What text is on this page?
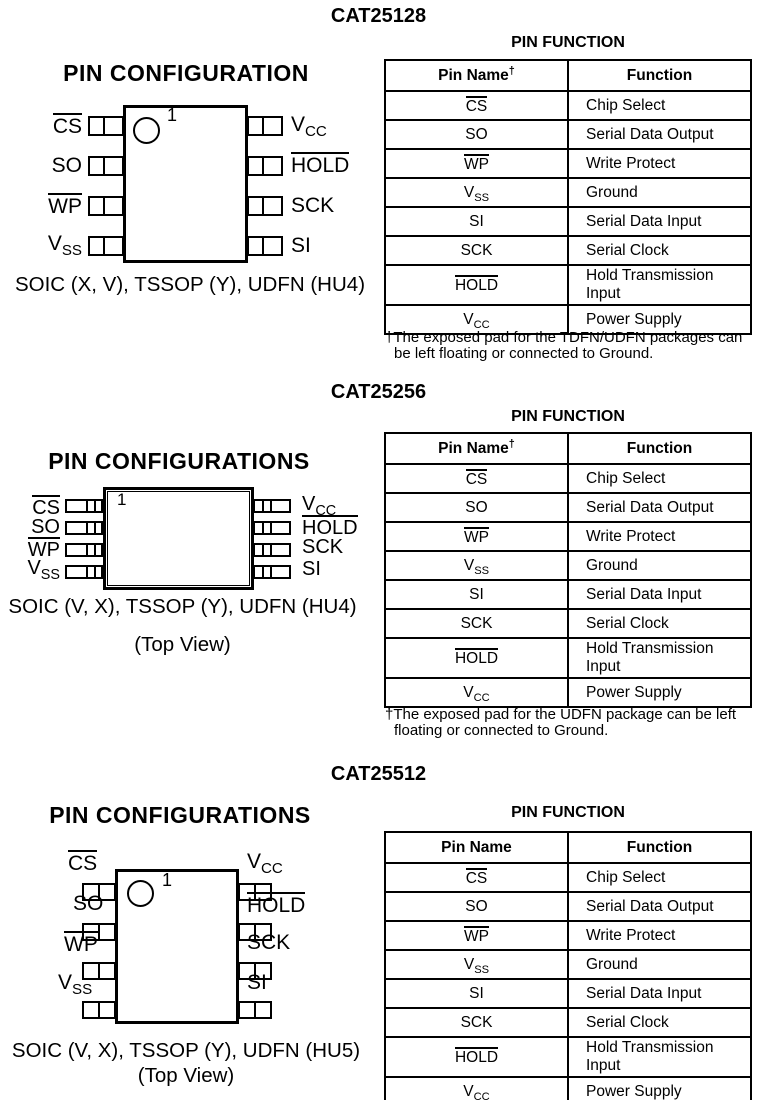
CAT25128
PIN FUNCTION
PIN CONFIGURATION
1
CS
SO
WP
$V_{SS}$
$V_{CC}$
HOLD
SCK
SI
SOIC (X, V), TSSOP (Y), UDFN (HU4)
Pin Name†	Function
CS	Chip Select
SO	Serial Data Output
WP	Write Protect
$V_{SS}$	Ground
SI	Serial Data Input
SCK	Serial Clock
HOLD	Hold Transmission Input
$V_{CC}$	Power Supply
†The exposed pad for the TDFN/UDFN packages can
be left floating or connected to Ground.
CAT25256
PIN FUNCTION
PIN CONFIGURATIONS
1
CS
SO
WP
$V_{SS}$
$V_{CC}$
HOLD
SCK
SI
SOIC (V, X), TSSOP (Y), UDFN (HU4)
(Top View)
Pin Name†	Function
CS	Chip Select
SO	Serial Data Output
WP	Write Protect
$V_{SS}$	Ground
SI	Serial Data Input
SCK	Serial Clock
HOLD	Hold Transmission Input
$V_{CC}$	Power Supply
†The exposed pad for the UDFN package can be left
floating or connected to Ground.
CAT25512
PIN FUNCTION
PIN CONFIGURATIONS
1
CS
SO
WP
$V_{SS}$
$V_{CC}$
HOLD
SCK
SI
SOIC (V, X), TSSOP (Y), UDFN (HU5)
(Top View)
Pin Name	Function
CS	Chip Select
SO	Serial Data Output
WP	Write Protect
$V_{SS}$	Ground
SI	Serial Data Input
SCK	Serial Clock
HOLD	Hold Transmission Input
$V_{CC}$	Power Supply
